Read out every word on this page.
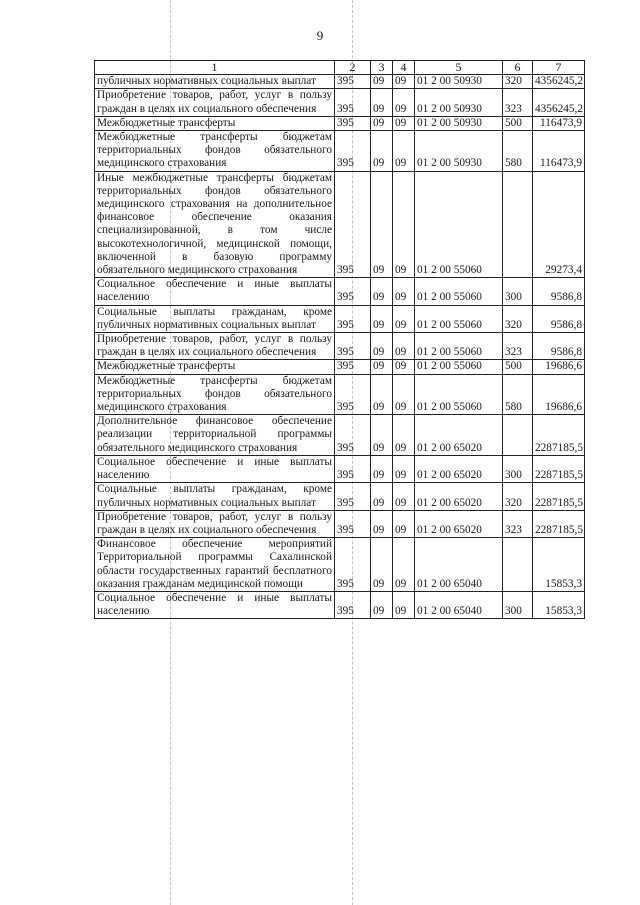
9
1	2	3	4	5	6	7
публичных нормативных социальных выплат	395	09	09	01 2 00 50930	320	4356245,2
Приобретение товаров, работ, услуг в пользу граждан в целях их социального обеспечения	395	09	09	01 2 00 50930	323	4356245,2
Межбюджетные трансферты	395	09	09	01 2 00 50930	500	116473,9
Межбюджетные трансферты бюджетам территориальных фондов обязательного медицинского страхования	395	09	09	01 2 00 50930	580	116473,9
Иные межбюджетные трансферты бюджетам территориальных фондов обязательного медицинского страхования на дополнительное финансовое обеспечение оказания специализированной, в том числе высокотехнологичной, медицинской помощи, включенной в базовую программу обязательного медицинского страхования	395	09	09	01 2 00 55060		29273,4
Социальное обеспечение и иные выплаты населению	395	09	09	01 2 00 55060	300	9586,8
Социальные выплаты гражданам, кроме публичных нормативных социальных выплат	395	09	09	01 2 00 55060	320	9586,8
Приобретение товаров, работ, услуг в пользу граждан в целях их социального обеспечения	395	09	09	01 2 00 55060	323	9586,8
Межбюджетные трансферты	395	09	09	01 2 00 55060	500	19686,6
Межбюджетные трансферты бюджетам территориальных фондов обязательного медицинского страхования	395	09	09	01 2 00 55060	580	19686,6
Дополнительное финансовое обеспечение реализации территориальной программы обязательного медицинского страхования	395	09	09	01 2 00 65020		2287185,5
Социальное обеспечение и иные выплаты населению	395	09	09	01 2 00 65020	300	2287185,5
Социальные выплаты гражданам, кроме публичных нормативных социальных выплат	395	09	09	01 2 00 65020	320	2287185,5
Приобретение товаров, работ, услуг в пользу граждан в целях их социального обеспечения	395	09	09	01 2 00 65020	323	2287185,5
Финансовое обеспечение мероприятий Территориальной программы Сахалинской области государственных гарантий бесплатного оказания гражданам медицинской помощи	395	09	09	01 2 00 65040		15853,3
Социальное обеспечение и иные выплаты населению	395	09	09	01 2 00 65040	300	15853,3
